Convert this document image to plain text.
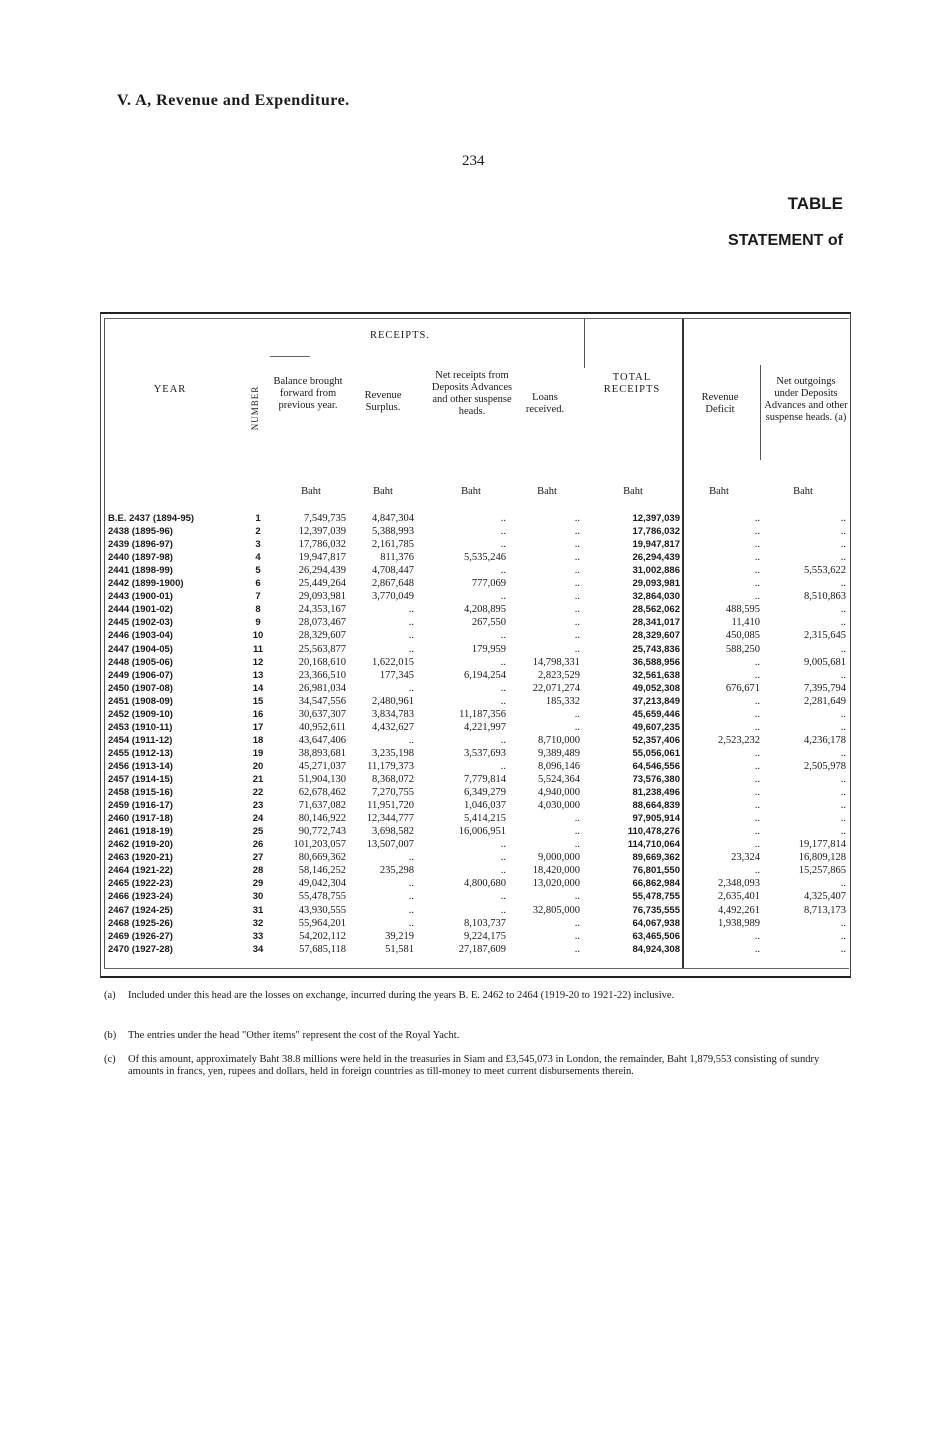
V. A, Revenue and Expenditure.
234
TABLE
STATEMENT of
RECEIPTS.
YEAR	NUMBER
Balance brought forward from previous year.
Revenue Surplus.
Net receipts from Deposits Advances and other suspense heads.
Loans received.
TOTAL RECEIPTS
Revenue Deficit
Net outgoings under Deposits Advances and other suspense heads. (a)
Baht	Baht	Baht	Baht	Baht	Baht	Baht
B.E. 2437 (1894-95)	1	7,549,735	4,847,304	..	..	12,397,039	..	..
2438 (1895-96)	2	12,397,039	5,388,993	..	..	17,786,032	..	..
2439 (1896-97)	3	17,786,032	2,161,785	..	..	19,947,817	..	..
2440 (1897-98)	4	19,947,817	811,376	5,535,246	..	26,294,439	..	..
2441 (1898-99)	5	26,294,439	4,708,447	..	..	31,002,886	..	5,553,622
2442 (1899-1900)	6	25,449,264	2,867,648	777,069	..	29,093,981	..	..
2443 (1900-01)	7	29,093,981	3,770,049	..	..	32,864,030	..	8,510,863
2444 (1901-02)	8	24,353,167	..	4,208,895	..	28,562,062	488,595	..
2445 (1902-03)	9	28,073,467	..	267,550	..	28,341,017	11,410	..
2446 (1903-04)	10	28,329,607	..	..	..	28,329,607	450,085	2,315,645
2447 (1904-05)	11	25,563,877	..	179,959	..	25,743,836	588,250	..
2448 (1905-06)	12	20,168,610	1,622,015	..	14,798,331	36,588,956	..	9,005,681
2449 (1906-07)	13	23,366,510	177,345	6,194,254	2,823,529	32,561,638	..	..
2450 (1907-08)	14	26,981,034	..	..	22,071,274	49,052,308	676,671	7,395,794
2451 (1908-09)	15	34,547,556	2,480,961	..	185,332	37,213,849	..	2,281,649
2452 (1909-10)	16	30,637,307	3,834,783	11,187,356	..	45,659,446	..	..
2453 (1910-11)	17	40,952,611	4,432,627	4,221,997	..	49,607,235	..	..
2454 (1911-12)	18	43,647,406	..	..	8,710,000	52,357,406	2,523,232	4,236,178
2455 (1912-13)	19	38,893,681	3,235,198	3,537,693	9,389,489	55,056,061	..	..
2456 (1913-14)	20	45,271,037	11,179,373	..	8,096,146	64,546,556	..	2,505,978
2457 (1914-15)	21	51,904,130	8,368,072	7,779,814	5,524,364	73,576,380	..	..
2458 (1915-16)	22	62,678,462	7,270,755	6,349,279	4,940,000	81,238,496	..	..
2459 (1916-17)	23	71,637,082	11,951,720	1,046,037	4,030,000	88,664,839	..	..
2460 (1917-18)	24	80,146,922	12,344,777	5,414,215	..	97,905,914	..	..
2461 (1918-19)	25	90,772,743	3,698,582	16,006,951	..	110,478,276	..	..
2462 (1919-20)	26	101,203,057	13,507,007	..	..	114,710,064	..	19,177,814
2463 (1920-21)	27	80,669,362	..	..	9,000,000	89,669,362	23,324	16,809,128
2464 (1921-22)	28	58,146,252	235,298	..	18,420,000	76,801,550	..	15,257,865
2465 (1922-23)	29	49,042,304	..	4,800,680	13,020,000	66,862,984	2,348,093	..
2466 (1923-24)	30	55,478,755	..	..	..	55,478,755	2,635,401	4,325,407
2467 (1924-25)	31	43,930,555	..	..	32,805,000	76,735,555	4,492,261	8,713,173
2468 (1925-26)	32	55,964,201	..	8,103,737	..	64,067,938	1,938,989	..
2469 (1926-27)	33	54,202,112	39,219	9,224,175	..	63,465,506	..	..
2470 (1927-28)	34	57,685,118	51,581	27,187,609	..	84,924,308	..	..
(a) Included under this head are the losses on exchange, incurred during the years B. E. 2462 to 2464 (1919-20 to 1921-22) inclusive.
(b) The entries under the head "Other items" represent the cost of the Royal Yacht.
(c) Of this amount, approximately Baht 38.8 millions were held in the treasuries in Siam and £3,545,073 in London, the remainder, Baht 1,879,553 consisting of sundry amounts in francs, yen, rupees and dollars, held in foreign countries as till-money to meet current disbursements therein.
